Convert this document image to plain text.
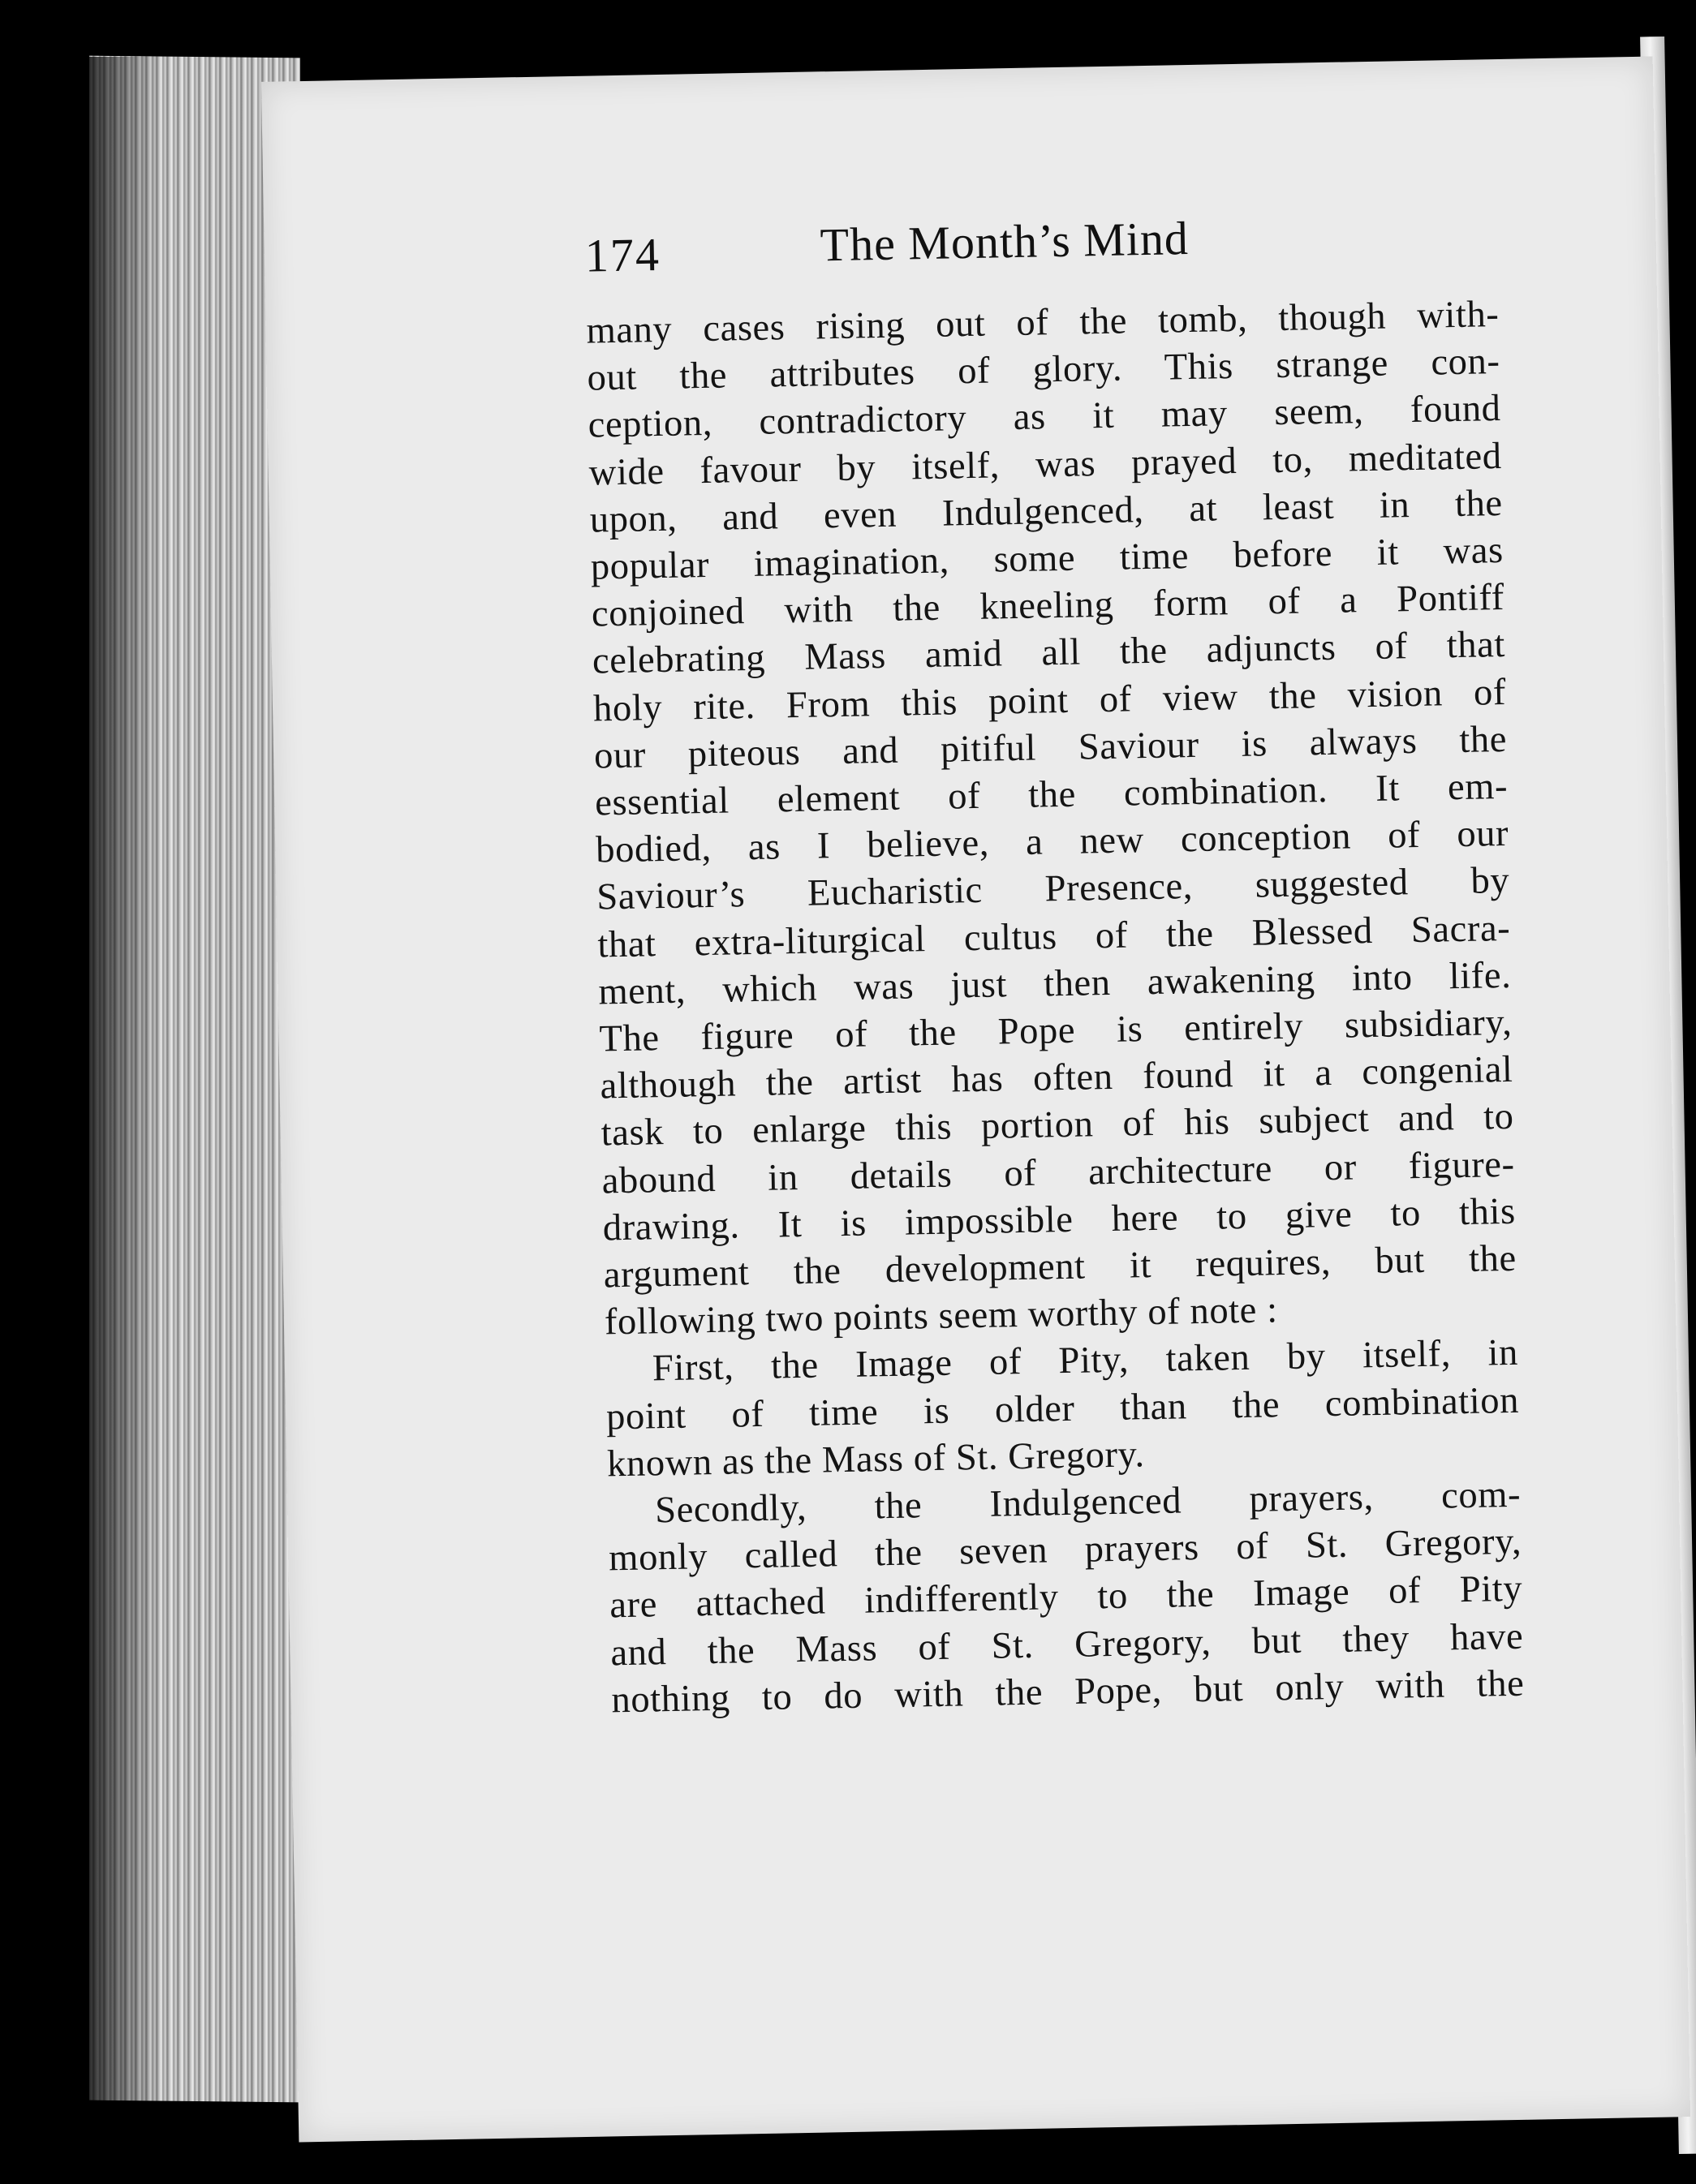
174	The Month’s Mind
many cases rising out of the tomb, though with-
out the attributes of glory. This strange con-
ception, contradictory as it may seem, found
wide favour by itself, was prayed to, meditated
upon, and even Indulgenced, at least in the
popular imagination, some time before it was
conjoined with the kneeling form of a Pontiff
celebrating Mass amid all the adjuncts of that
holy rite. From this point of view the vision of
our piteous and pitiful Saviour is always the
essential element of the combination. It em-
bodied, as I believe, a new conception of our
Saviour’s Eucharistic Presence, suggested by
that extra-liturgical cultus of the Blessed Sacra-
ment, which was just then awakening into life.
The figure of the Pope is entirely subsidiary,
although the artist has often found it a congenial
task to enlarge this portion of his subject and to
abound in details of architecture or figure-
drawing. It is impossible here to give to this
argument the development it requires, but the
following two points seem worthy of note :
First, the Image of Pity, taken by itself, in
point of time is older than the combination
known as the Mass of St. Gregory.
Secondly, the Indulgenced prayers, com-
monly called the seven prayers of St. Gregory,
are attached indifferently to the Image of Pity
and the Mass of St. Gregory, but they have
nothing to do with the Pope, but only with the
